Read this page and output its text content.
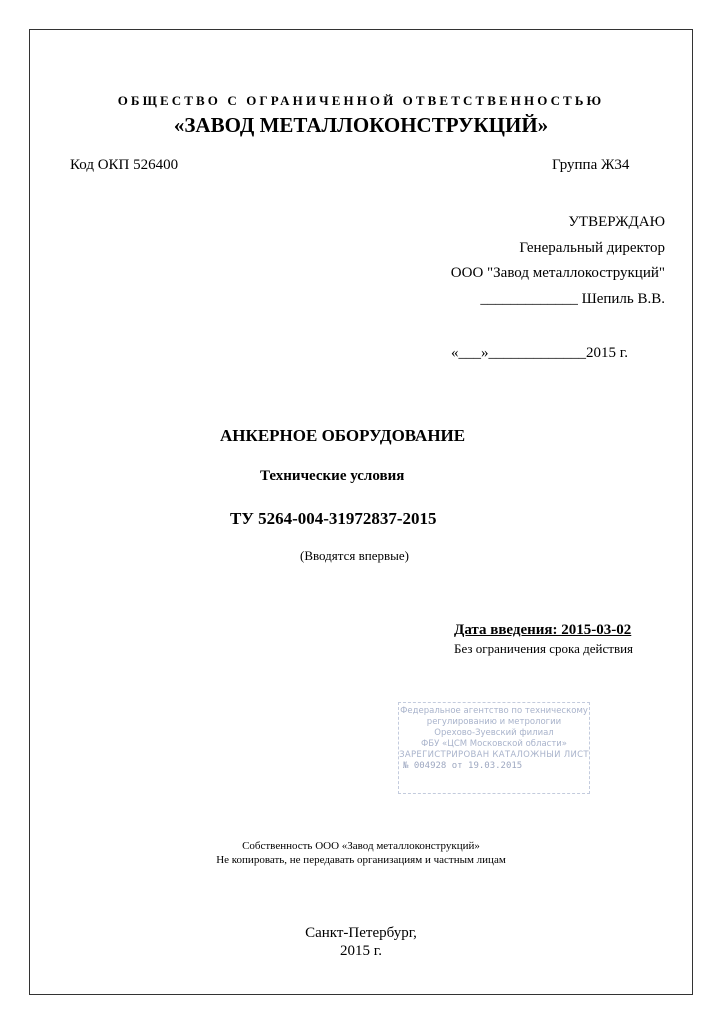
ОБЩЕСТВО С ОГРАНИЧЕННОЙ ОТВЕТСТВЕННОСТЬЮ
«ЗАВОД МЕТАЛЛОКОНСТРУКЦИЙ»
Код ОКП 526400	Группа Ж34
УТВЕРЖДАЮ
Генеральный директор
ООО "Завод металлокострукций"
_____________ Шепиль В.В.
«___»_____________2015 г.
АНКЕРНОЕ ОБОРУДОВАНИЕ
Технические условия
ТУ 5264-004-31972837-2015
(Вводятся впервые)
Дата введения: 2015-03-02
Без ограничения срока действия
Федеральное агентство по техническому
регулированию и метрологии
Орехово-Зуевский филиал
ФБУ «ЦСМ Московской области»
ЗАРЕГИСТРИРОВАН КАТАЛОЖНЫЙ ЛИСТ
№ 004928 от 19.03.2015
Собственность ООО «Завод металлоконструкций»
Не копировать, не передавать организациям и частным лицам
Санкт-Петербург,
2015 г.
